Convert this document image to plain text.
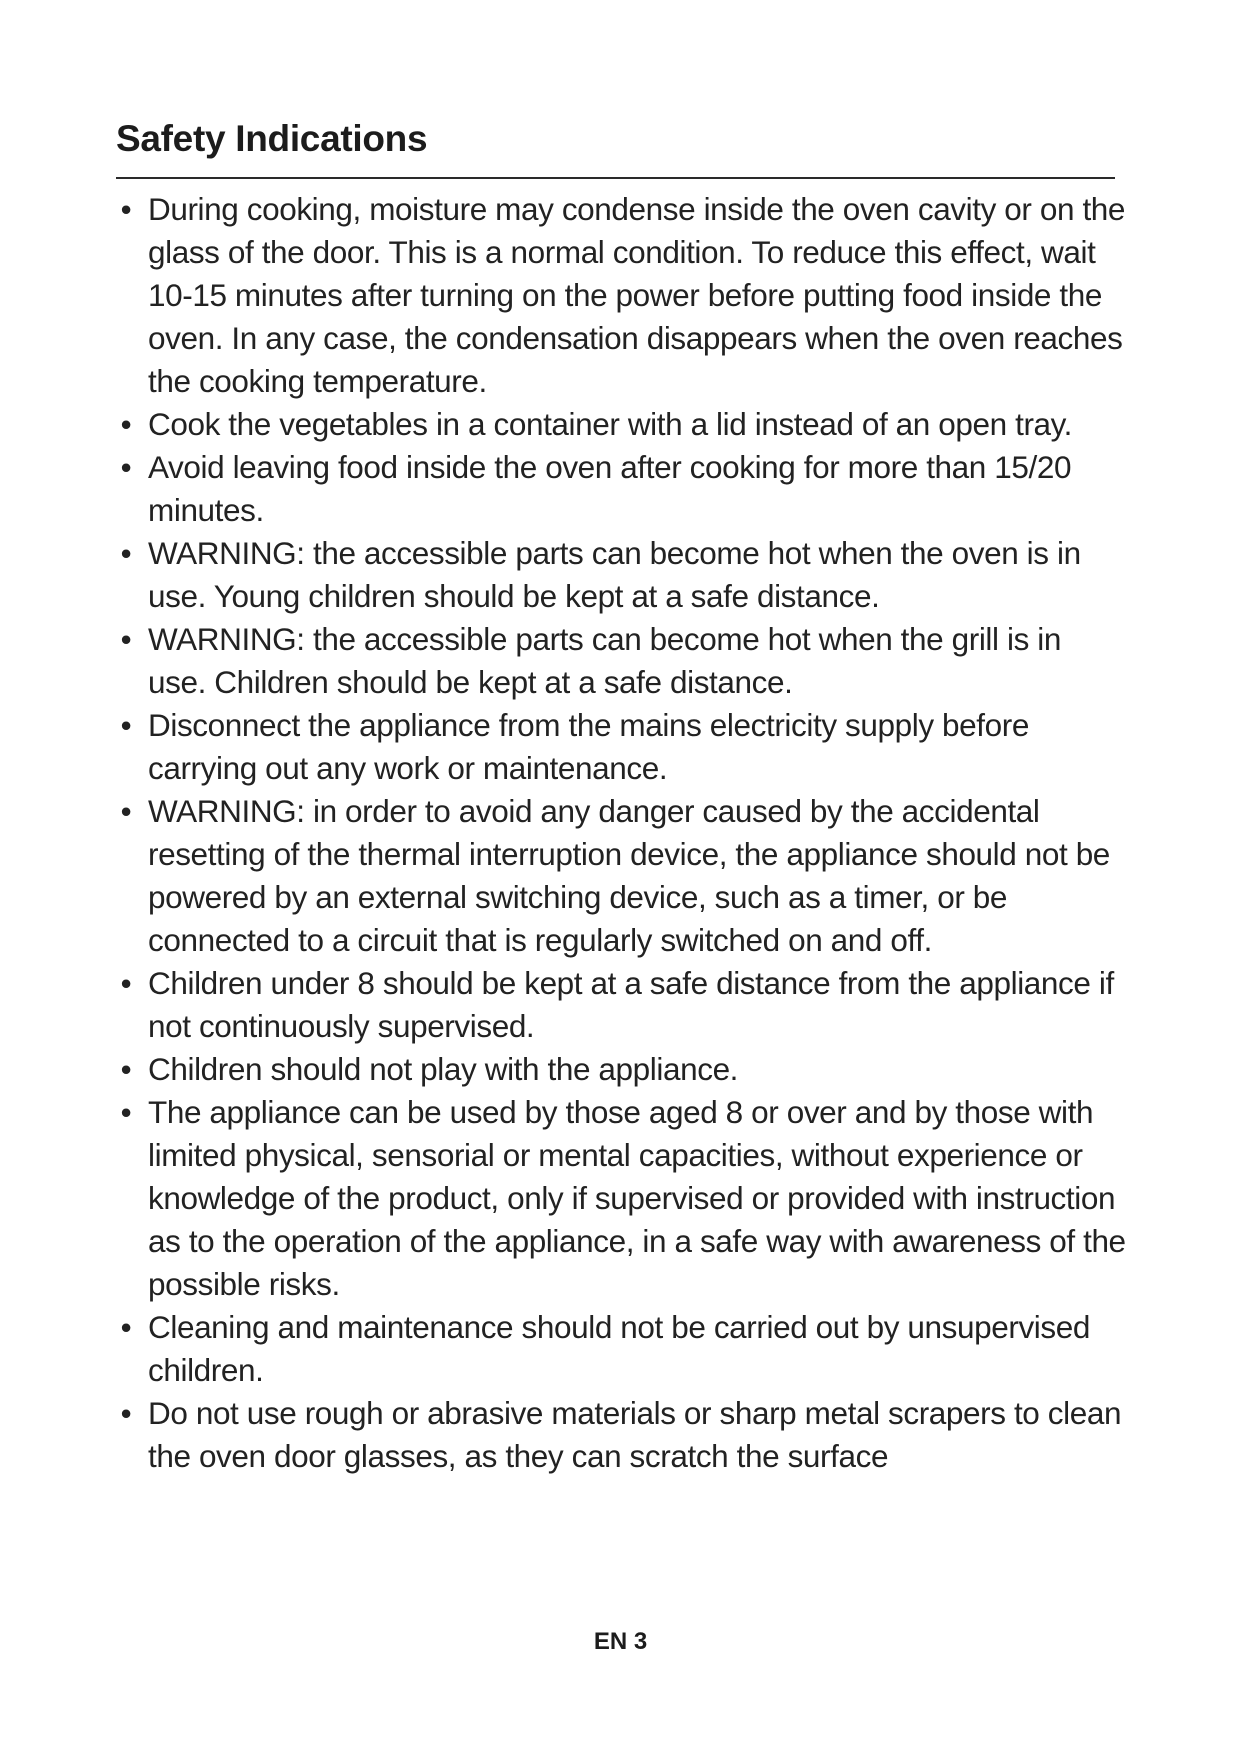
Safety Indications
• During cooking, moisture may condense inside the oven cavity or on the glass of the door. This is a normal condition. To reduce this effect, wait 10-15 minutes after turning on the power before putting food inside the oven. In any case, the condensation disappears when the oven reaches the cooking temperature.
• Cook the vegetables in a container with a lid instead of an open tray.
• Avoid leaving food inside the oven after cooking for more than 15/20 minutes.
• WARNING: the accessible parts can become hot when the oven is in use. Young children should be kept at a safe distance.
• WARNING: the accessible parts can become hot when the grill is in use. Children should be kept at a safe distance.
• Disconnect the appliance from the mains electricity supply before carrying out any work or maintenance.
• WARNING: in order to avoid any danger caused by the accidental resetting of the thermal interruption device, the appliance should not be powered by an external switching device, such as a timer, or be connected to a circuit that is regularly switched on and off.
• Children under 8 should be kept at a safe distance from the appliance if not continuously supervised.
• Children should not play with the appliance.
• The appliance can be used by those aged 8 or over and by those with limited physical, sensorial or mental capacities, without experience or knowledge of the product, only if supervised or provided with instruction as to the operation of the appliance, in a safe way with awareness of the possible risks.
• Cleaning and maintenance should not be carried out by unsupervised children.
• Do not use rough or abrasive materials or sharp metal scrapers to clean the oven door glasses, as they can scratch the surface
EN 3
